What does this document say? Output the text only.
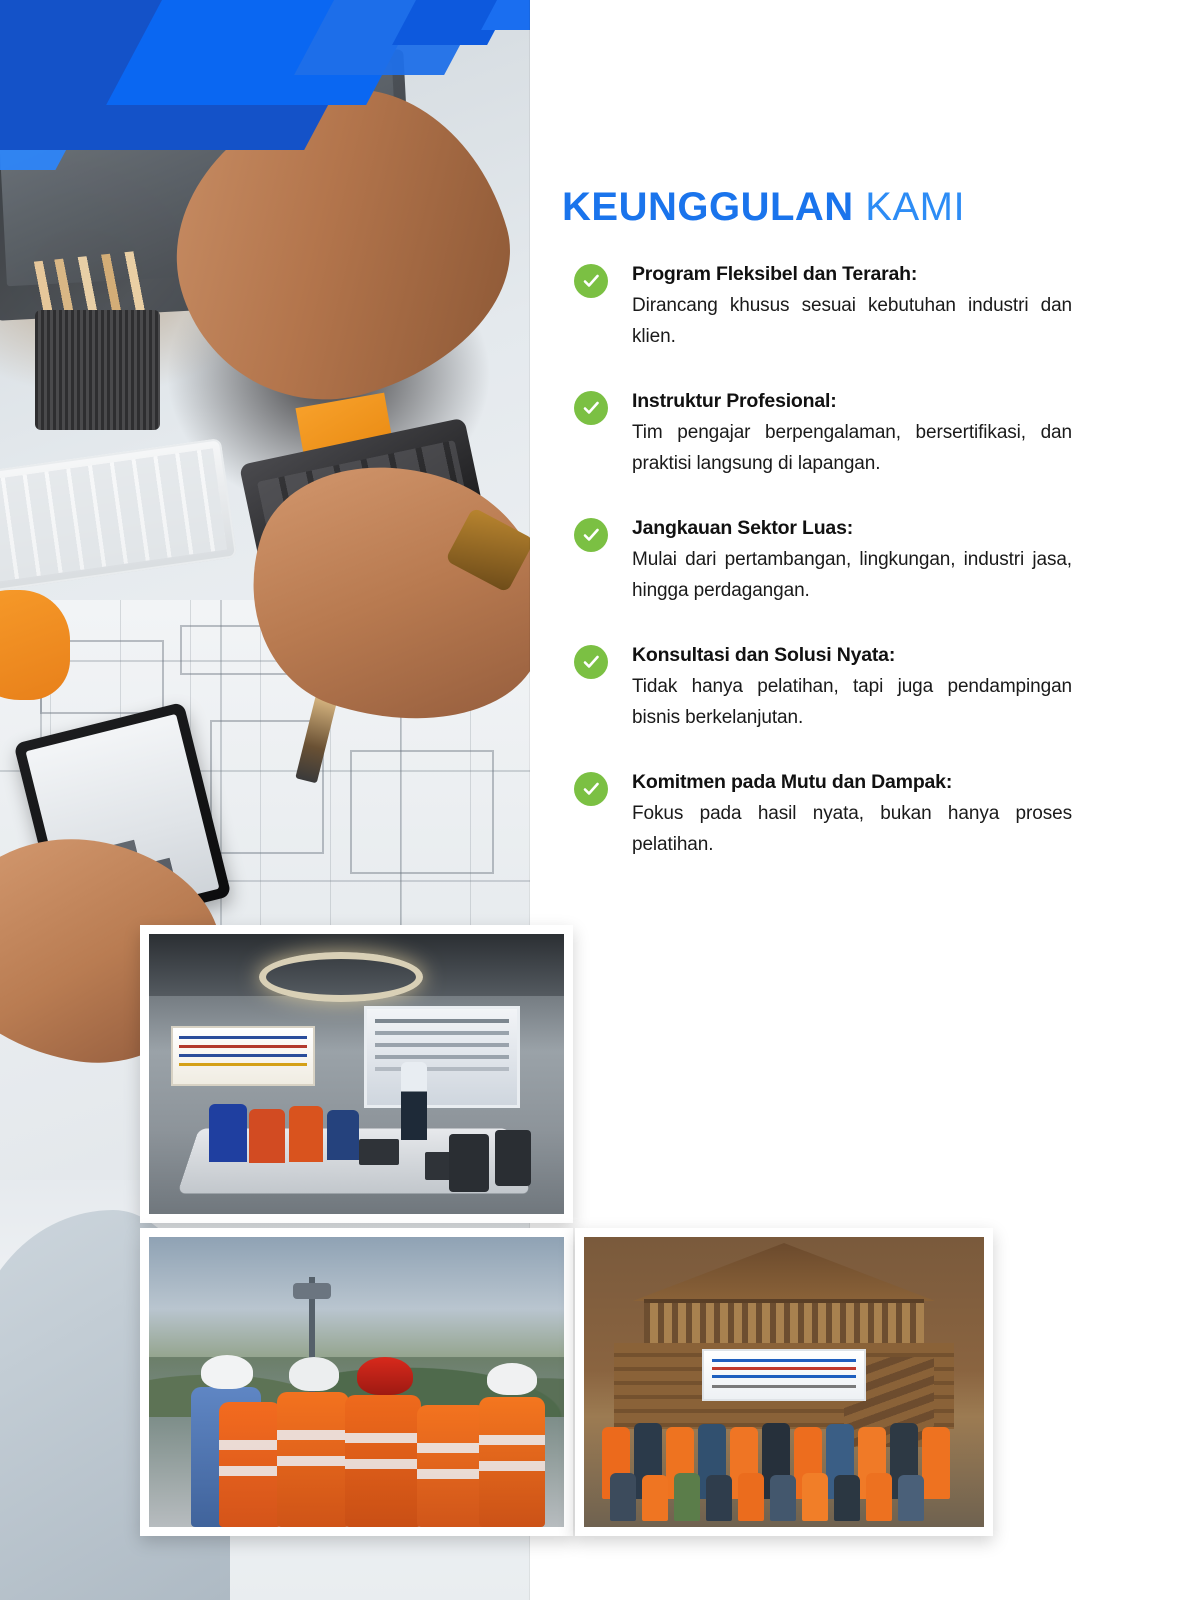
KEUNGGULAN KAMI

Program Fleksibel dan Terarah:

Dirancang khusus sesuai kebutuhan industri dan klien.

Instruktur Profesional:

Tim pengajar berpengalaman, bersertifikasi, dan praktisi langsung di lapangan.

Jangkauan Sektor Luas:

Mulai dari pertambangan, lingkungan, industri jasa, hingga perdagangan.

Konsultasi dan Solusi Nyata:

Tidak hanya pelatihan, tapi juga pendampingan bisnis berkelanjutan.

Komitmen pada Mutu dan Dampak:

Fokus pada hasil nyata, bukan hanya proses pelatihan.
